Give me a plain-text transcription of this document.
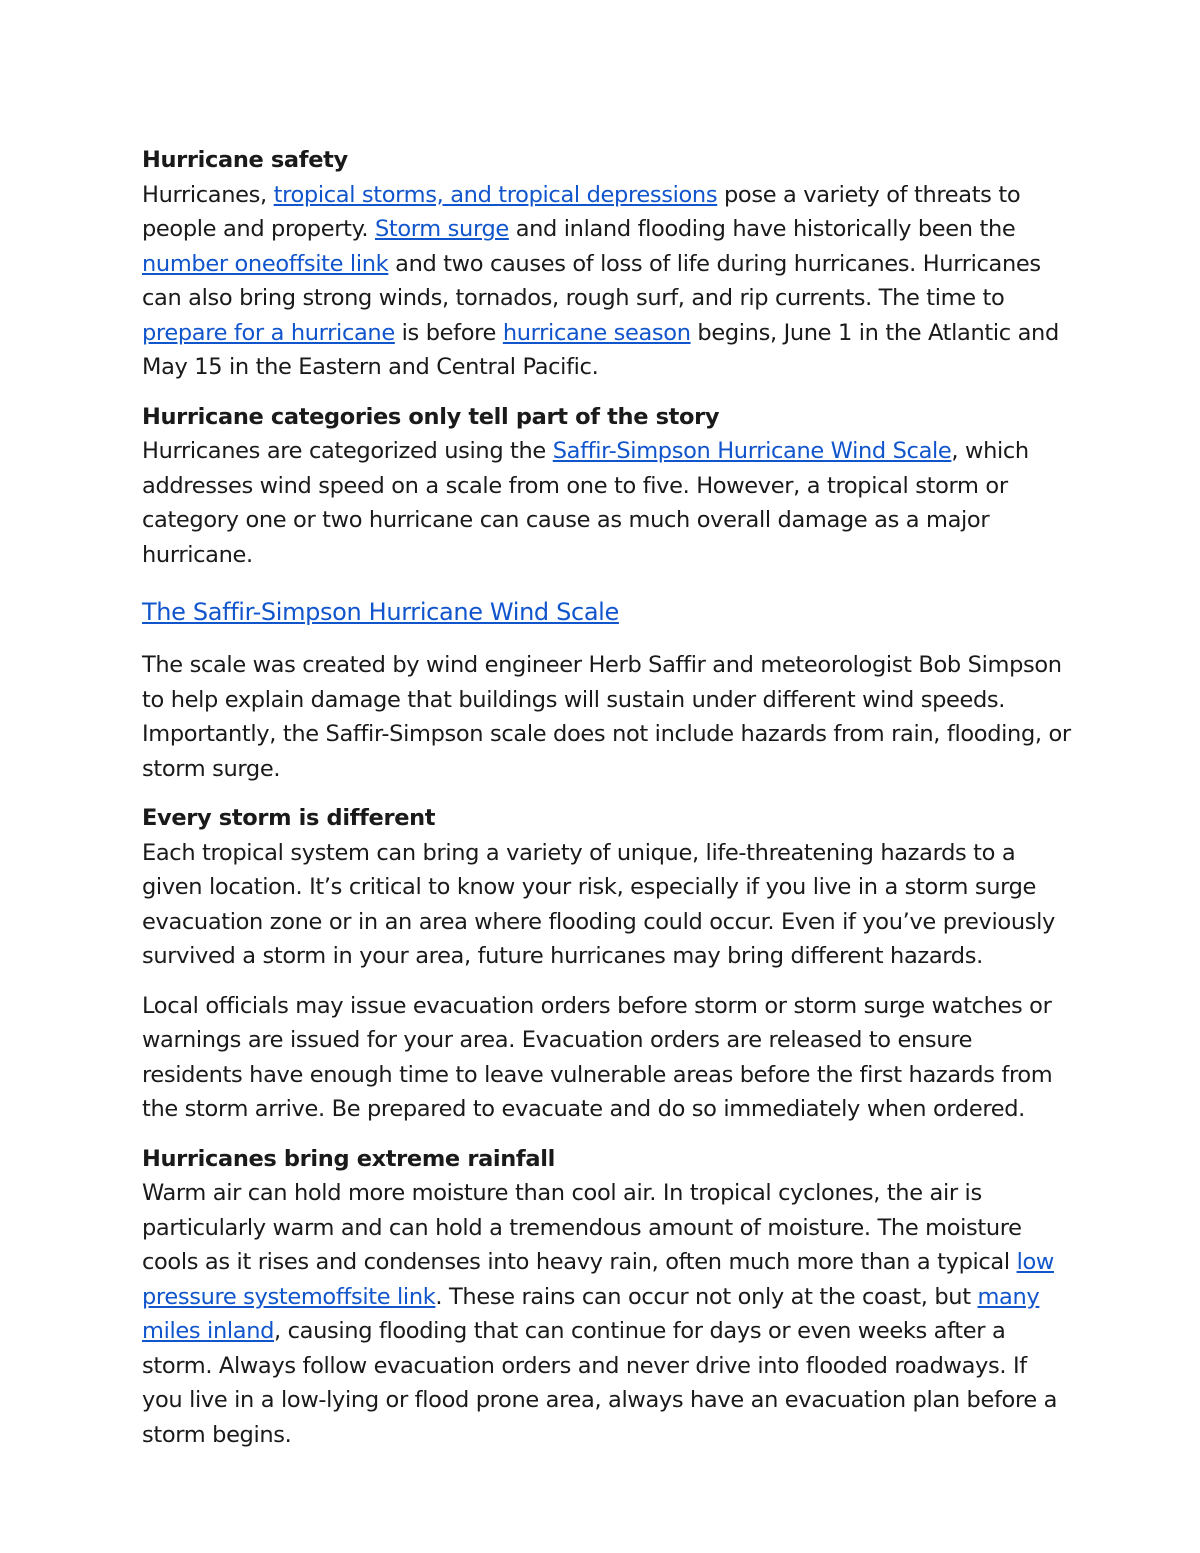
Hurricane safety

Hurricanes, tropical storms, and tropical depressions pose a variety of threats to people and property. Storm surge and inland flooding have historically been the number oneoffsite link and two causes of loss of life during hurricanes. Hurricanes can also bring strong winds, tornados, rough surf, and rip currents. The time to prepare for a hurricane is before hurricane season begins, June 1 in the Atlantic and May 15 in the Eastern and Central Pacific.

Hurricane categories only tell part of the story

Hurricanes are categorized using the Saffir-Simpson Hurricane Wind Scale, which addresses wind speed on a scale from one to five. However, a tropical storm or category one or two hurricane can cause as much overall damage as a major hurricane.

The Saffir-Simpson Hurricane Wind Scale

The scale was created by wind engineer Herb Saffir and meteorologist Bob Simpson to help explain damage that buildings will sustain under different wind speeds. Importantly, the Saffir-Simpson scale does not include hazards from rain, flooding, or storm surge.

Every storm is different

Each tropical system can bring a variety of unique, life-threatening hazards to a given location. It’s critical to know your risk, especially if you live in a storm surge evacuation zone or in an area where flooding could occur. Even if you’ve previously survived a storm in your area, future hurricanes may bring different hazards.

Local officials may issue evacuation orders before storm or storm surge watches or warnings are issued for your area. Evacuation orders are released to ensure residents have enough time to leave vulnerable areas before the first hazards from the storm arrive. Be prepared to evacuate and do so immediately when ordered.

Hurricanes bring extreme rainfall

Warm air can hold more moisture than cool air. In tropical cyclones, the air is particularly warm and can hold a tremendous amount of moisture. The moisture cools as it rises and condenses into heavy rain, often much more than a typical low pressure systemoffsite link. These rains can occur not only at the coast, but many miles inland, causing flooding that can continue for days or even weeks after a storm. Always follow evacuation orders and never drive into flooded roadways. If you live in a low-lying or flood prone area, always have an evacuation plan before a storm begins.
